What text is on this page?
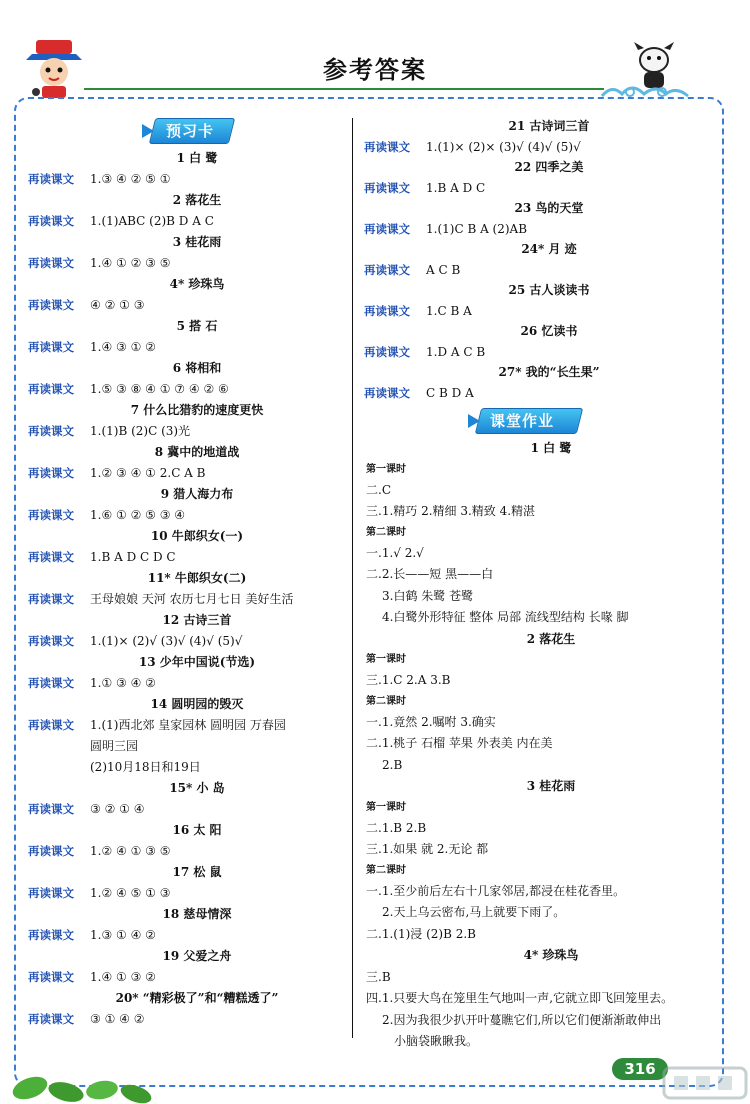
参考答案
预习卡
课堂作业
1 白 鹭
再读课文 1.③ ④ ② ⑤ ①
2 落花生
再读课文 1.(1)ABC (2)B D A C
3 桂花雨
再读课文 1.④ ① ② ③ ⑤
4* 珍珠鸟
再读课文 ④ ② ① ③
5 搭 石
再读课文 1.④ ③ ① ②
6 将相和
再读课文 1.⑤ ③ ⑧ ④ ① ⑦ ④ ② ⑥
7 什么比猎豹的速度更快
再读课文 1.(1)B (2)C (3)光
8 冀中的地道战
再读课文 1.② ③ ④ ① 2.C A B
9 猎人海力布
再读课文 1.⑥ ① ② ⑤ ③ ④
10 牛郎织女(一)
再读课文 1.B A D C D C
11* 牛郎织女(二)
再读课文 王母娘娘 天河 农历七月七日 美好生活
12 古诗三首
再读课文 1.(1)× (2)√ (3)√ (4)√ (5)√
13 少年中国说(节选)
再读课文 1.① ③ ④ ②
14 圆明园的毁灭
再读课文 1.(1)西北郊 皇家园林 圆明园 万春园
圆明三园
(2)10月18日和19日
15* 小 岛
再读课文 ③ ② ① ④
16 太 阳
再读课文 1.② ④ ① ③ ⑤
17 松 鼠
再读课文 1.② ④ ⑤ ① ③
18 慈母情深
再读课文 1.③ ① ④ ②
19 父爱之舟
再读课文 1.④ ① ③ ②
20* “精彩极了”和“糟糕透了”
再读课文 ③ ① ④ ②
21 古诗词三首
再读课文 1.(1)× (2)× (3)√ (4)√ (5)√
22 四季之美
再读课文 1.B A D C
23 鸟的天堂
再读课文 1.(1)C B A (2)AB
24* 月 迹
再读课文 A C B
25 古人谈读书
再读课文 1.C B A
26 忆读书
再读课文 1.D A C B
27* 我的“长生果”
再读课文 C B D A
1 白 鹭
第一课时
二.C
三.1.精巧 2.精细 3.精致 4.精湛
第二课时
一.1.√ 2.√
二.2.长——短 黑——白
3.白鹤 朱鹭 苍鹭
4.白鹭外形特征 整体 局部 流线型结构 长喙 脚
2 落花生
第一课时
三.1.C 2.A 3.B
第二课时
一.1.竟然 2.嘱咐 3.确实
二.1.桃子 石榴 苹果 外表美 内在美
2.B
3 桂花雨
第一课时
二.1.B 2.B
三.1.如果 就 2.无论 都
第二课时
一.1.至少前后左右十几家邻居,都浸在桂花香里。
2.天上乌云密布,马上就要下雨了。
二.1.(1)浸 (2)B 2.B
4* 珍珠鸟
三.B
四.1.只要大鸟在笼里生气地叫一声,它就立即飞回笼里去。
2.因为我很少扒开叶蔓瞧它们,所以它们便渐渐敢伸出
小脑袋瞅瞅我。
316
